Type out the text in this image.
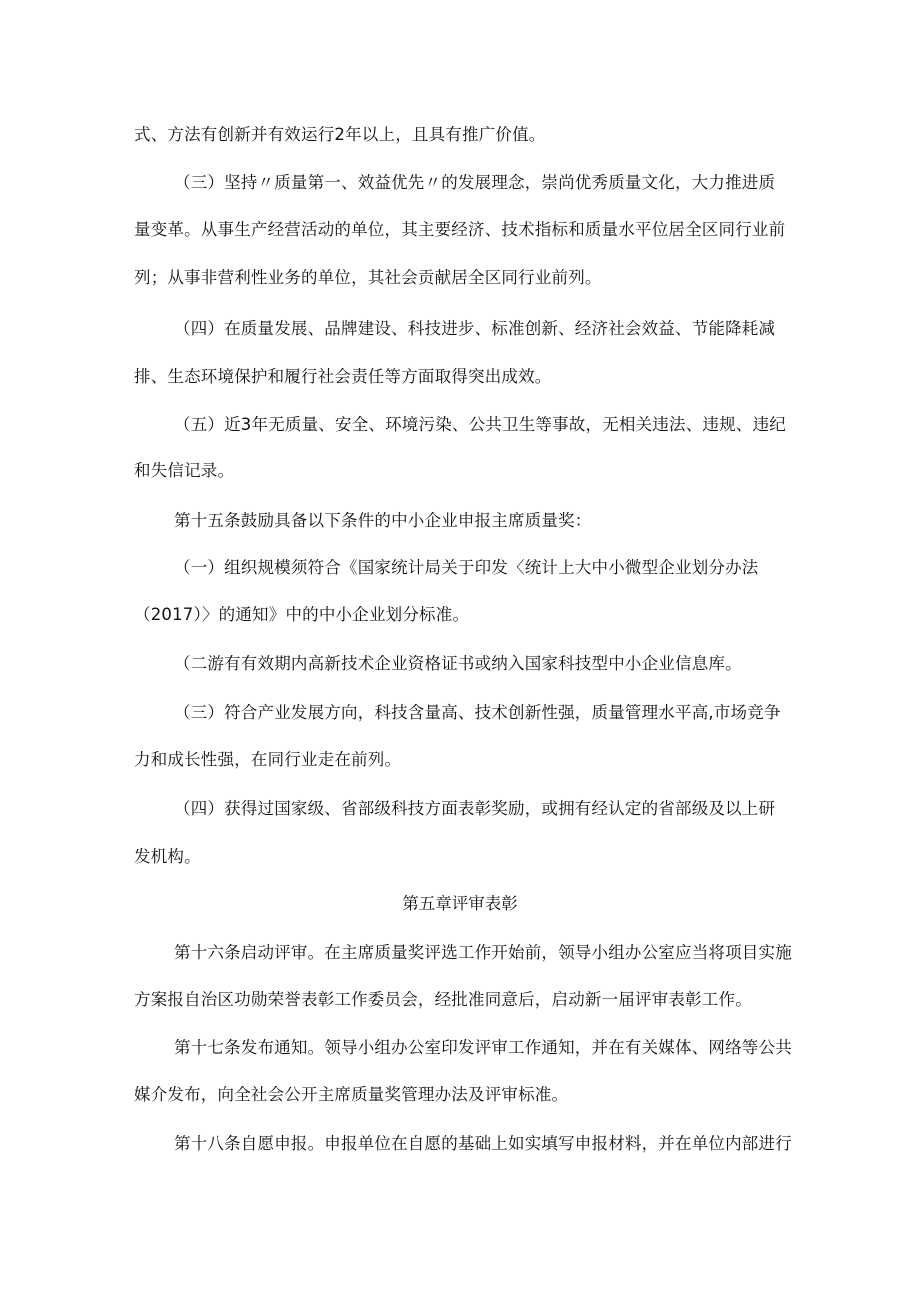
式、方法有创新并有效运行2年以上，且具有推广价值。

（三）坚持〃质量第一、效益优先〃的发展理念，崇尚优秀质量文化，大力推进质

量变革。从事生产经营活动的单位，其主要经济、技术指标和质量水平位居全区同行业前

列；从事非营利性业务的单位，其社会贡献居全区同行业前列。

（四）在质量发展、品牌建设、科技进步、标准创新、经济社会效益、节能降耗减

排、生态环境保护和履行社会责任等方面取得突出成效。

（五）近3年无质量、安全、环境污染、公共卫生等事故，无相关违法、违规、违纪

和失信记录。

第十五条鼓励具备以下条件的中小企业申报主席质量奖：

（一）组织规模须符合《国家统计局关于印发〈统计上大中小微型企业划分办法

（2017）〉的通知》中的中小企业划分标准。

（二游有有效期内高新技术企业资格证书或纳入国家科技型中小企业信息库。

（三）符合产业发展方向，科技含量高、技术创新性强，质量管理水平高,市场竞争

力和成长性强，在同行业走在前列。

（四）获得过国家级、省部级科技方面表彰奖励，或拥有经认定的省部级及以上研

发机构。

第五章评审表彰

第十六条启动评审。在主席质量奖评选工作开始前，领导小组办公室应当将项目实施

方案报自治区功勋荣誉表彰工作委员会，经批准同意后，启动新一届评审表彰工作。

第十七条发布通知。领导小组办公室印发评审工作通知，并在有关媒体、网络等公共

媒介发布，向全社会公开主席质量奖管理办法及评审标准。

第十八条自愿申报。申报单位在自愿的基础上如实填写申报材料，并在单位内部进行
